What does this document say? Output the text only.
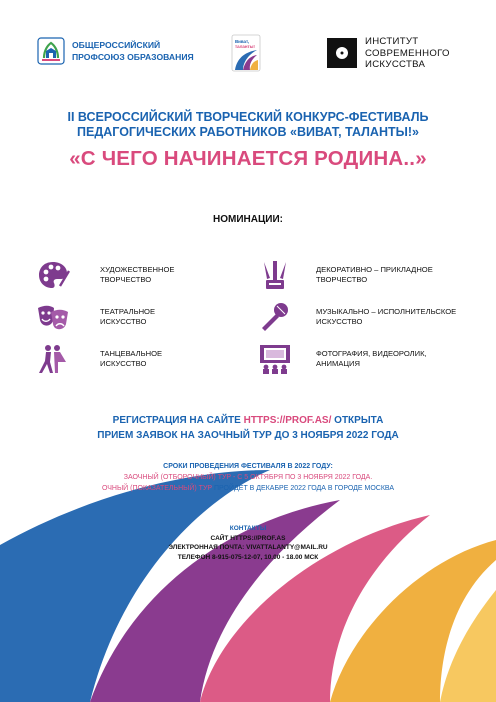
ОБЩЕРОССИЙСКИЙ
ПРОФСОЮЗ ОБРАЗОВАНИЯ
Виват,
таланты!	ИНСТИТУТ
СОВРЕМЕННОГО
ИСКУССТВА
II ВСЕРОССИЙСКИЙ ТВОРЧЕСКИЙ КОНКУРС-ФЕСТИВАЛЬ
ПЕДАГОГИЧЕСКИХ РАБОТНИКОВ «ВИВАТ, ТАЛАНТЫ!»
«С ЧЕГО НАЧИНАЕТСЯ РОДИНА..»
НОМИНАЦИИ:
ХУДОЖЕСТВЕННОЕ
ТВОРЧЕСТВО
ДЕКОРАТИВНО – ПРИКЛАДНОЕ
ТВОРЧЕСТВО
ТЕАТРАЛЬНОЕ
ИСКУССТВО
МУЗЫКАЛЬНО – ИСПОЛНИТЕЛЬСКОЕ
ИСКУССТВО
ТАНЦЕВАЛЬНОЕ
ИСКУССТВО
ФОТОГРАФИЯ, ВИДЕОРОЛИК,
АНИМАЦИЯ
РЕГИСТРАЦИЯ НА САЙТЕ HTTPS://PROF.AS/ ОТКРЫТА
ПРИЕМ ЗАЯВОК НА ЗАОЧНЫЙ ТУР ДО 3 НОЯБРЯ 2022 ГОДА
СРОКИ ПРОВЕДЕНИЯ ФЕСТИВАЛЯ В 2022 ГОДУ:
ЗАОЧНЫЙ (ОТБОРОЧНЫЙ) ТУР - С 5 ОКТЯБРЯ ПО 3 НОЯБРЯ 2022 ГОДА.
ОЧНЫЙ (ПОКАЗАТЕЛЬНЫЙ) ТУР ПРОЙДЁТ В ДЕКАБРЕ 2022 ГОДА В ГОРОДЕ МОСКВА
КОНТАКТЫ
САЙТ HTTPS://PROF.AS
ЭЛЕКТРОННАЯ ПОЧТА: VIVATTALANTY@MAIL.RU
ТЕЛЕФОН 8-915-075-12-07, 10.00 - 18.00 МСК
